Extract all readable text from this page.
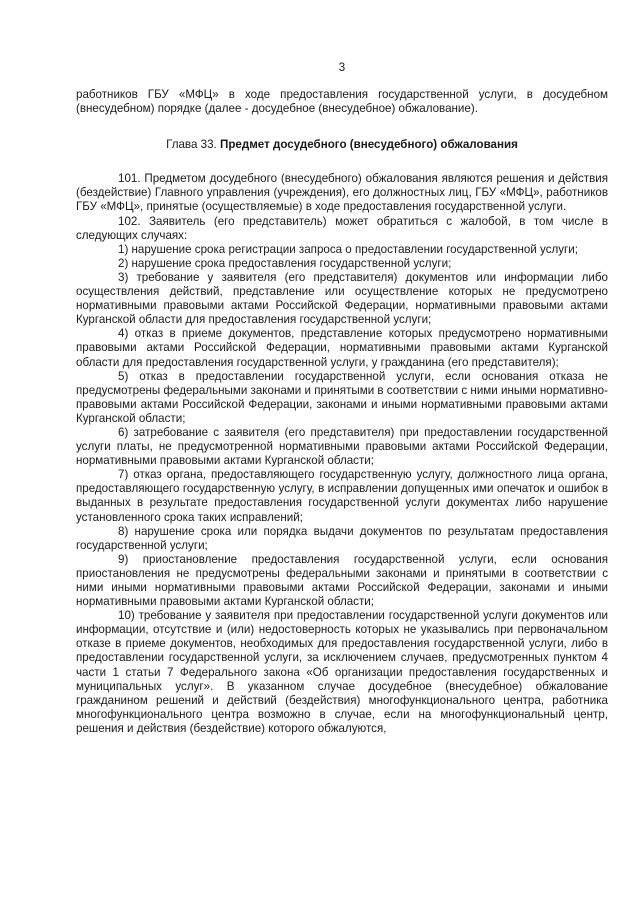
3

работников ГБУ «МФЦ» в ходе предоставления государственной услуги, в досудебном (внесудебном) порядке (далее - досудебное (внесудебное) обжалование).

Глава 33. Предмет досудебного (внесудебного) обжалования

101. Предметом досудебного (внесудебного) обжалования являются решения и действия (бездействие) Главного управления (учреждения), его должностных лиц, ГБУ «МФЦ», работников ГБУ «МФЦ», принятые (осуществляемые) в ходе предоставления государственной услуги.

102. Заявитель (его представитель) может обратиться с жалобой, в том числе в следующих случаях:

1) нарушение срока регистрации запроса о предоставлении государственной услуги;

2) нарушение срока предоставления государственной услуги;

3) требование у заявителя (его представителя) документов или информации либо осуществления действий, представление или осуществление которых не предусмотрено нормативными правовыми актами Российской Федерации, нормативными правовыми актами Курганской области для предоставления государственной услуги;

4) отказ в приеме документов, представление которых предусмотрено нормативными правовыми актами Российской Федерации, нормативными правовыми актами Курганской области для предоставления государственной услуги, у гражданина (его представителя);

5) отказ в предоставлении государственной услуги, если основания отказа не предусмотрены федеральными законами и принятыми в соответствии с ними иными нормативно-правовыми актами Российской Федерации, законами и иными нормативными правовыми актами Курганской области;

6) затребование с заявителя (его представителя) при предоставлении государственной услуги платы, не предусмотренной нормативными правовыми актами Российской Федерации, нормативными правовыми актами Курганской области;

7) отказ органа, предоставляющего государственную услугу, должностного лица органа, предоставляющего государственную услугу, в исправлении допущенных ими опечаток и ошибок в выданных в результате предоставления государственной услуги документах либо нарушение установленного срока таких исправлений;

8) нарушение срока или порядка выдачи документов по результатам предоставления государственной услуги;

9) приостановление предоставления государственной услуги, если основания приостановления не предусмотрены федеральными законами и принятыми в соответствии с ними иными нормативными правовыми актами Российской Федерации, законами и иными нормативными правовыми актами Курганской области;

10) требование у заявителя при предоставлении государственной услуги документов или информации, отсутствие и (или) недостоверность которых не указывались при первоначальном отказе в приеме документов, необходимых для предоставления государственной услуги, либо в предоставлении государственной услуги, за исключением случаев, предусмотренных пунктом 4 части 1 статьи 7 Федерального закона «Об организации предоставления государственных и муниципальных услуг». В указанном случае досудебное (внесудебное) обжалование гражданином решений и действий (бездействия) многофункционального центра, работника многофункционального центра возможно в случае, если на многофункциональный центр, решения и действия (бездействие) которого обжалуются,
